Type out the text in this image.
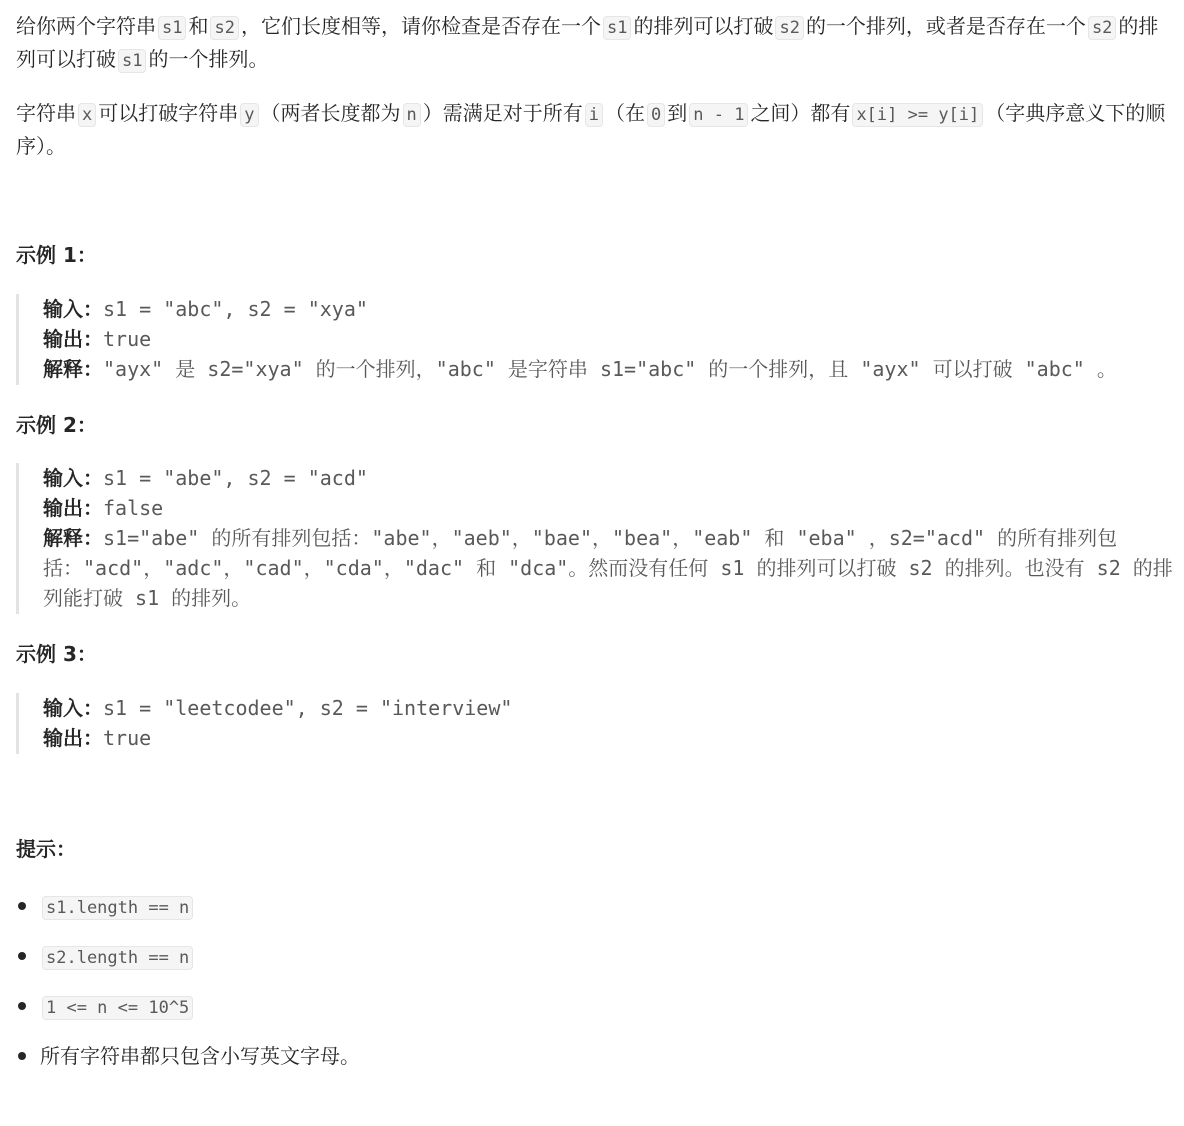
给你两个字符串 s1 和 s2 ，它们长度相等，请你检查是否存在一个 s1 的排列可以打破 s2 的一个排列，或者是否存在一个 s2 的排列可以打破 s1 的一个排列。

字符串 x 可以打破字符串 y （两者长度都为 n ）需满足对于所有 i （在 0 到 n - 1 之间）都有 x[i] >= y[i] （字典序意义下的顺序）。

示例 1：

输入：s1 = "abc", s2 = "xya"

输出：true

解释："ayx" 是 s2="xya" 的一个排列，"abc" 是字符串 s1="abc" 的一个排列，且 "ayx" 可以打破 "abc" 。

示例 2：

输入：s1 = "abe", s2 = "acd"

输出：false

解释：s1="abe" 的所有排列包括："abe"，"aeb"，"bae"，"bea"，"eab" 和 "eba" ，s2="acd" 的所有排列包括："acd"，"adc"，"cad"，"cda"，"dac" 和 "dca"。然而没有任何 s1 的排列可以打破 s2 的排列。也没有 s2 的排列能打破 s1 的排列。

示例 3：

输入：s1 = "leetcodee", s2 = "interview"

输出：true

提示：

s1.length == n
s2.length == n
1 <= n <= 10^5
所有字符串都只包含小写英文字母。
